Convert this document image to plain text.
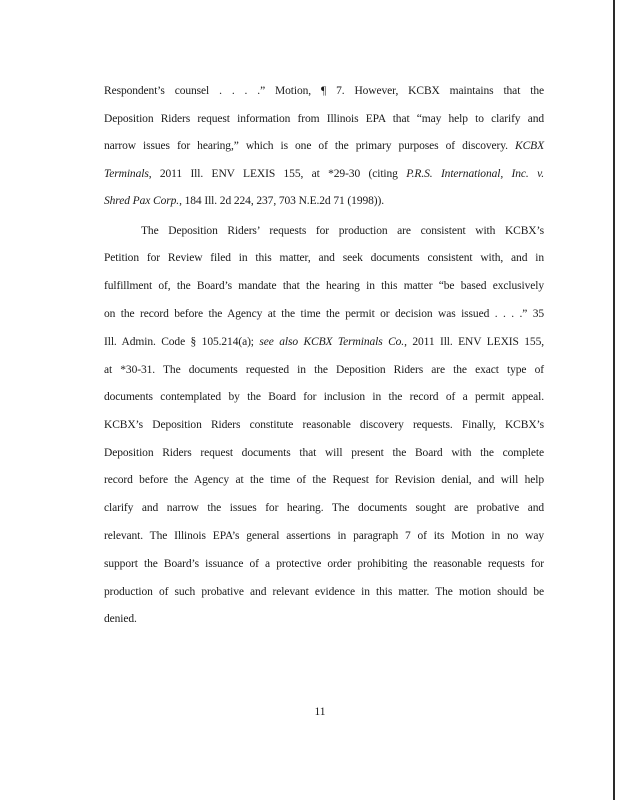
Respondent’s counsel . . . .” Motion, ¶ 7. However, KCBX maintains that the
Deposition Riders request information from Illinois EPA that “may help to clarify and
narrow issues for hearing,” which is one of the primary purposes of discovery. KCBX
Terminals, 2011 Ill. ENV LEXIS 155, at *29-30 (citing P.R.S. International, Inc. v.
Shred Pax Corp., 184 Ill. 2d 224, 237, 703 N.E.2d 71 (1998)).
The Deposition Riders’ requests for production are consistent with KCBX’s
Petition for Review filed in this matter, and seek documents consistent with, and in
fulfillment of, the Board’s mandate that the hearing in this matter “be based exclusively
on the record before the Agency at the time the permit or decision was issued . . . .” 35
Ill. Admin. Code § 105.214(a); see also KCBX Terminals Co., 2011 Ill. ENV LEXIS 155,
at *30-31. The documents requested in the Deposition Riders are the exact type of
documents contemplated by the Board for inclusion in the record of a permit appeal.
KCBX’s Deposition Riders constitute reasonable discovery requests. Finally, KCBX’s
Deposition Riders request documents that will present the Board with the complete
record before the Agency at the time of the Request for Revision denial, and will help
clarify and narrow the issues for hearing. The documents sought are probative and
relevant. The Illinois EPA’s general assertions in paragraph 7 of its Motion in no way
support the Board’s issuance of a protective order prohibiting the reasonable requests for
production of such probative and relevant evidence in this matter. The motion should be
denied.
11
